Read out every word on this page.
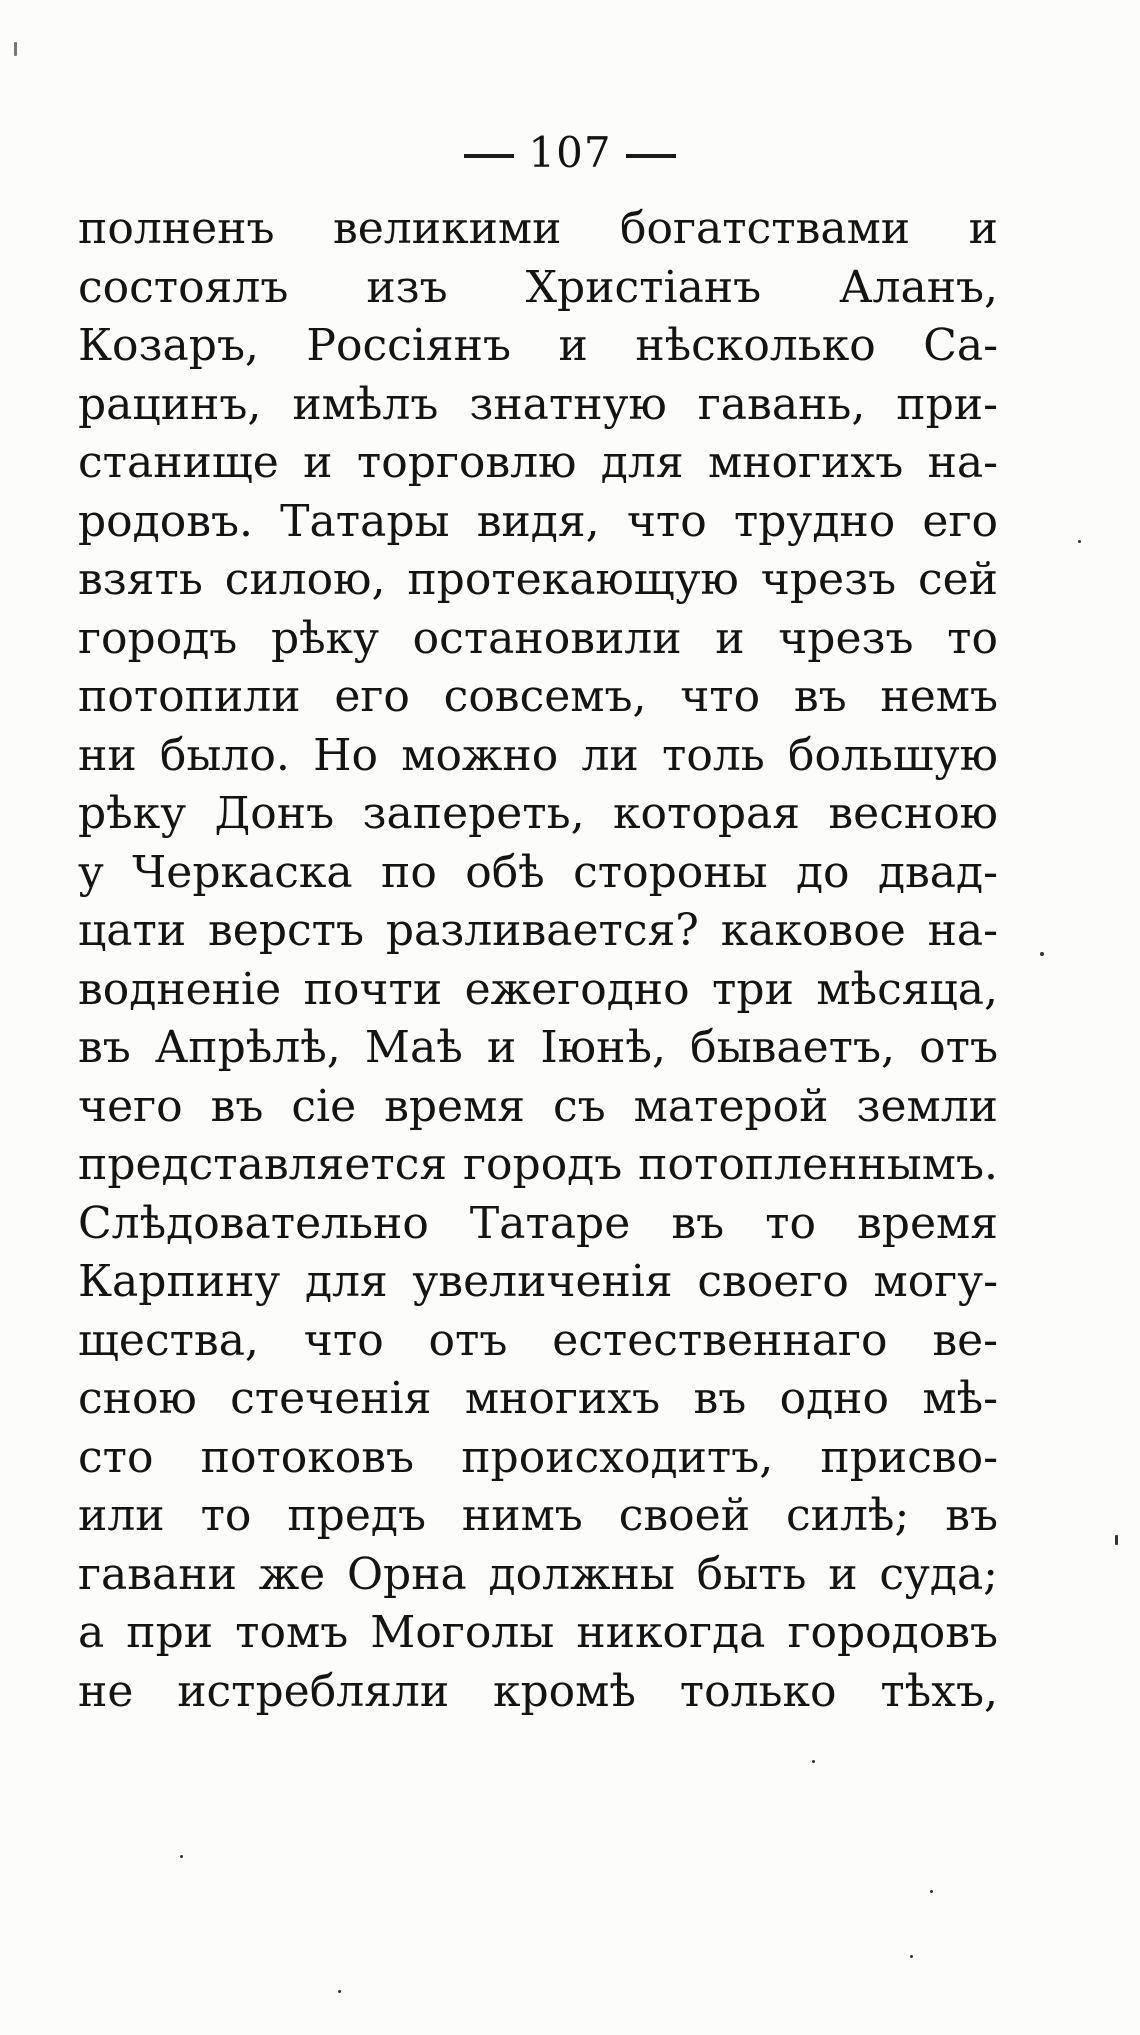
107
полненъ великими богатствами и
состоялъ изъ Христіанъ Аланъ,
Козаръ, Россіянъ и нѣсколько Са-
рацинъ, имѣлъ знатную гавань, при-
станище и торговлю для многихъ на-
родовъ. Татары видя, что трудно его
взять силою, протекающую чрезъ сей
городъ рѣку остановили и чрезъ то
потопили его совсемъ, что въ немъ
ни было. Но можно ли толь большую
рѣку Донъ запереть, которая весною
у Черкаска по обѣ стороны до двад-
цати верстъ разливается? каковое на-
водненіе почти ежегодно три мѣсяца,
въ Апрѣлѣ, Маѣ и Іюнѣ, бываетъ, отъ
чего въ сіе время съ матерой земли
представляется городъ потопленнымъ.
Слѣдовательно Татаре въ то время
Карпину для увеличенія своего могу-
щества, что отъ естественнаго ве-
сною стеченія многихъ въ одно мѣ-
сто потоковъ происходитъ, присво-
или то предъ нимъ своей силѣ; въ
гавани же Орна должны быть и суда;
а при томъ Моголы никогда городовъ
не истребляли кромѣ только тѣхъ,
